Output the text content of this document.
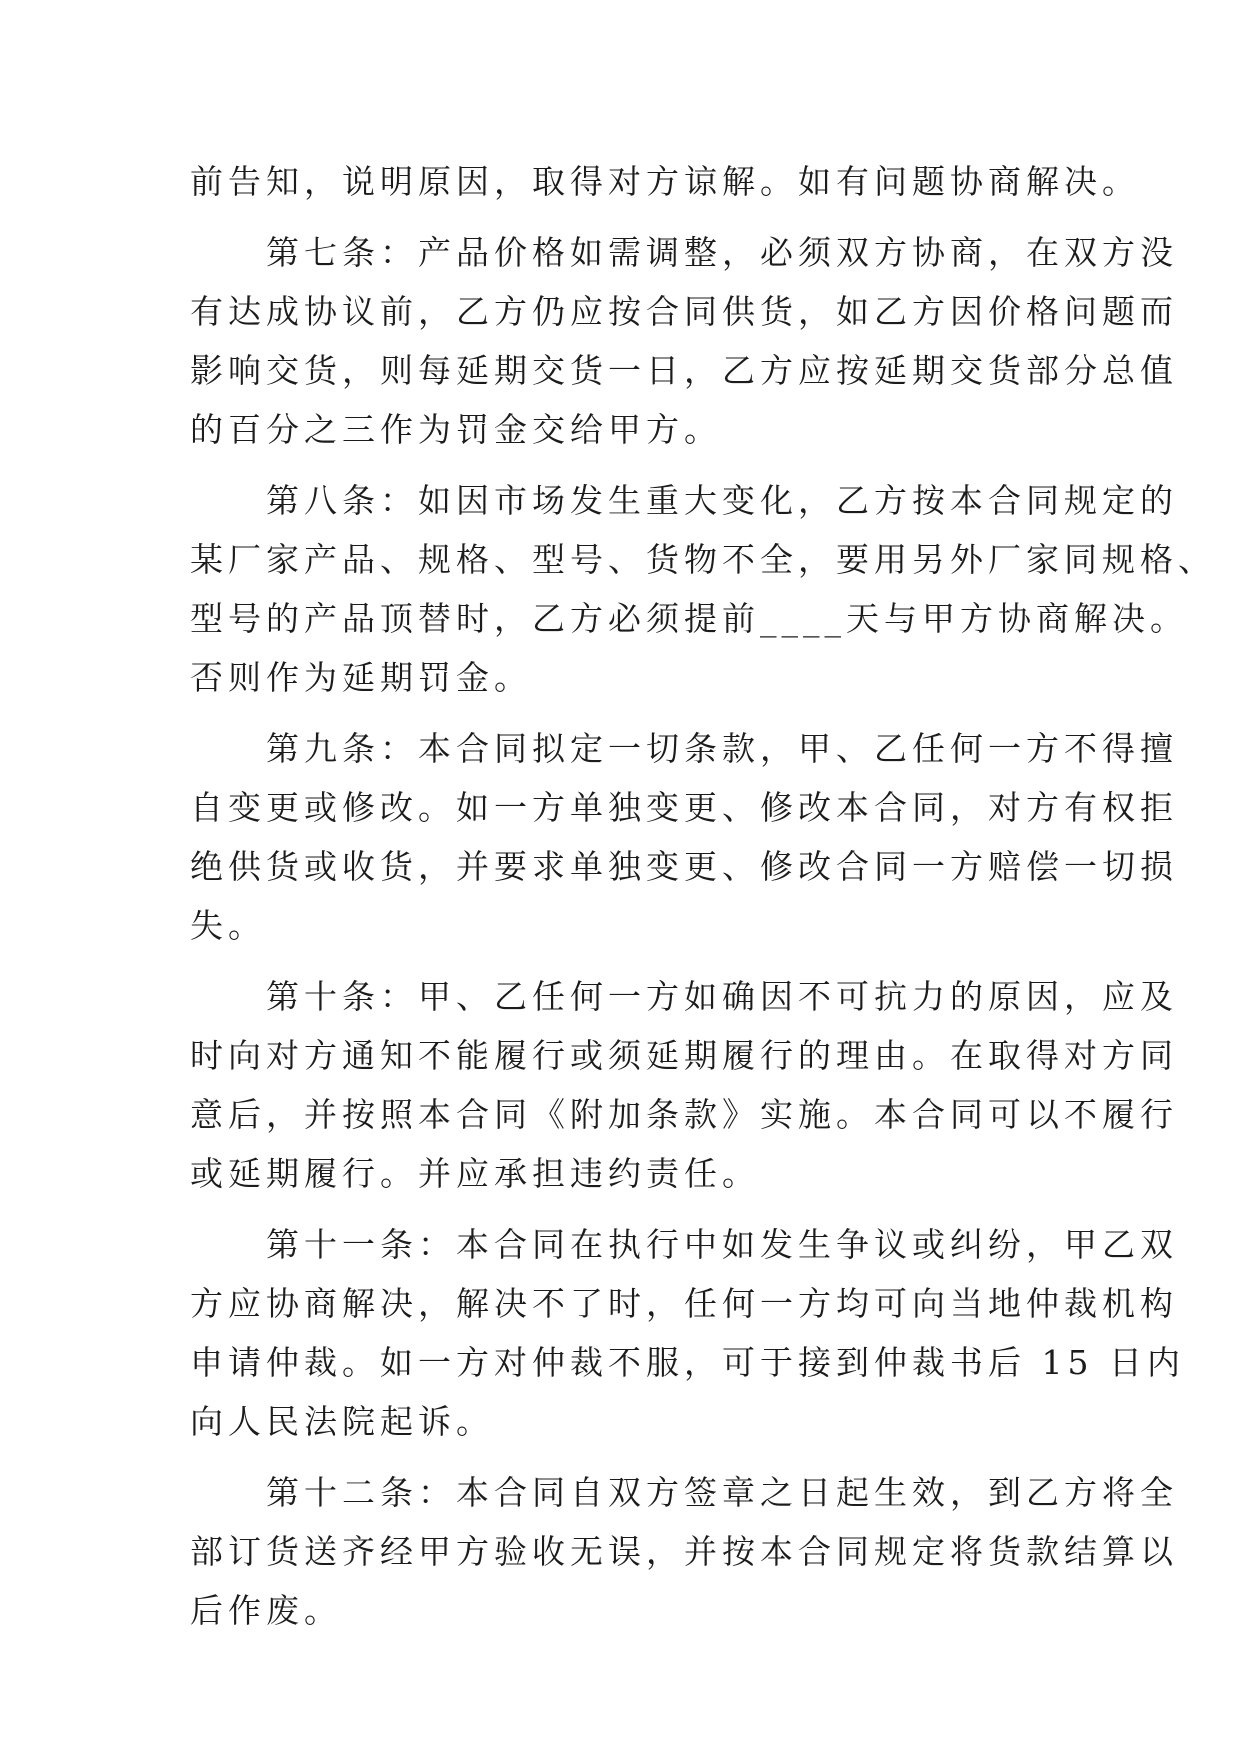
前告知，说明原因，取得对方谅解。如有问题协商解决。
　　第七条：产品价格如需调整，必须双方协商，在双方没
有达成协议前，乙方仍应按合同供货，如乙方因价格问题而
影响交货，则每延期交货一日，乙方应按延期交货部分总值
的百分之三作为罚金交给甲方。
　　第八条：如因市场发生重大变化，乙方按本合同规定的
某厂家产品、规格、型号、货物不全，要用另外厂家同规格、
型号的产品顶替时，乙方必须提前____天与甲方协商解决。
否则作为延期罚金。
　　第九条：本合同拟定一切条款，甲、乙任何一方不得擅
自变更或修改。如一方单独变更、修改本合同，对方有权拒
绝供货或收货，并要求单独变更、修改合同一方赔偿一切损
失。
　　第十条：甲、乙任何一方如确因不可抗力的原因，应及
时向对方通知不能履行或须延期履行的理由。在取得对方同
意后，并按照本合同《附加条款》实施。本合同可以不履行
或延期履行。并应承担违约责任。
　　第十一条：本合同在执行中如发生争议或纠纷，甲乙双
方应协商解决，解决不了时，任何一方均可向当地仲裁机构
申请仲裁。如一方对仲裁不服，可于接到仲裁书后 15 日内
向人民法院起诉。
　　第十二条：本合同自双方签章之日起生效，到乙方将全
部订货送齐经甲方验收无误，并按本合同规定将货款结算以
后作废。
